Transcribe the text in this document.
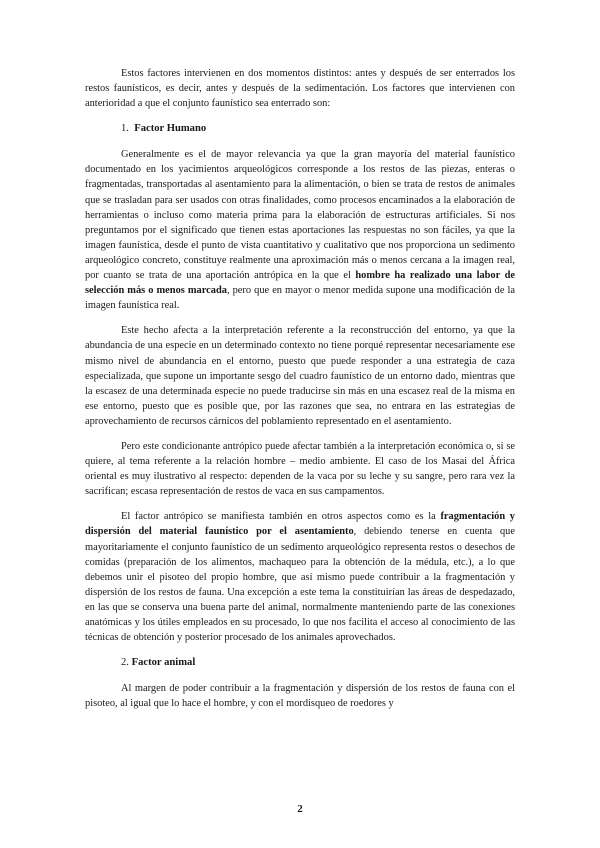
Estos factores intervienen en dos momentos distintos: antes y después de ser enterrados los restos faunísticos, es decir, antes y después de la sedimentación. Los factores que intervienen con anterioridad a que el conjunto faunístico sea enterrado son:

1. Factor Humano

Generalmente es el de mayor relevancia ya que la gran mayoría del material faunístico documentado en los yacimientos arqueológicos corresponde a los restos de las piezas, enteras o fragmentadas, transportadas al asentamiento para la alimentación, o bien se trata de restos de animales que se trasladan para ser usados con otras finalidades, como procesos encaminados a la elaboración de herramientas o incluso como materia prima para la elaboración de estructuras artificiales. Si nos preguntamos por el significado que tienen estas aportaciones las respuestas no son fáciles, ya que la imagen faunística, desde el punto de vista cuantitativo y cualitativo que nos proporciona un sedimento arqueológico concreto, constituye realmente una aproximación más o menos cercana a la imagen real, por cuanto se trata de una aportación antrópica en la que el hombre ha realizado una labor de selección más o menos marcada, pero que en mayor o menor medida supone una modificación de la imagen faunística real.

Este hecho afecta a la interpretación referente a la reconstrucción del entorno, ya que la abundancia de una especie en un determinado contexto no tiene porqué representar necesariamente ese mismo nivel de abundancia en el entorno, puesto que puede responder a una estrategia de caza especializada, que supone un importante sesgo del cuadro faunístico de un entorno dado, mientras que la escasez de una determinada especie no puede traducirse sin más en una escasez real de la misma en ese entorno, puesto que es posible que, por las razones que sea, no entrara en las estrategias de aprovechamiento de recursos cárnicos del poblamiento representado en el asentamiento.

Pero este condicionante antrópico puede afectar también a la interpretación económica o, si se quiere, al tema referente a la relación hombre – medio ambiente. El caso de los Masai del África oriental es muy ilustrativo al respecto: dependen de la vaca por su leche y su sangre, pero rara vez la sacrifican; escasa representación de restos de vaca en sus campamentos.

El factor antrópico se manifiesta también en otros aspectos como es la fragmentación y dispersión del material faunístico por el asentamiento, debiendo tenerse en cuenta que mayoritariamente el conjunto faunístico de un sedimento arqueológico representa restos o desechos de comidas (preparación de los alimentos, machaqueo para la obtención de la médula, etc.), a lo que debemos unir el pisoteo del propio hombre, que así mismo puede contribuir a la fragmentación y dispersión de los restos de fauna. Una excepción a este tema la constituirían las áreas de despedazado, en las que se conserva una buena parte del animal, normalmente manteniendo parte de las conexiones anatómicas y los útiles empleados en su procesado, lo que nos facilita el acceso al conocimiento de las técnicas de obtención y posterior procesado de los animales aprovechados.

2. Factor animal

Al margen de poder contribuir a la fragmentación y dispersión de los restos de fauna con el pisoteo, al igual que lo hace el hombre, y con el mordisqueo de roedores y

2
